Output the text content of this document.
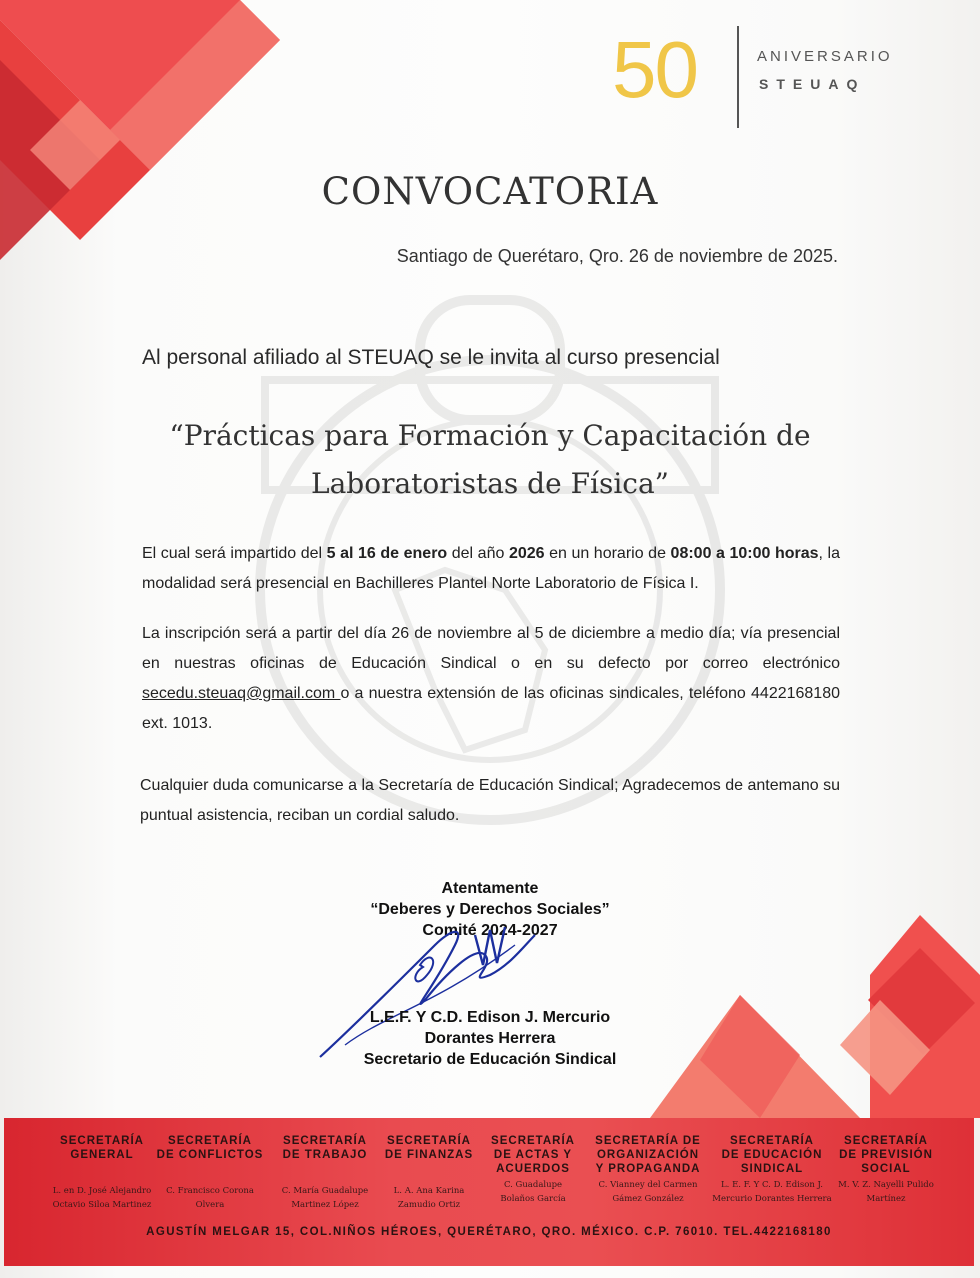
50	ANIVERSARIO
STEUAQ
CONVOCATORIA
Santiago de Querétaro, Qro. 26 de noviembre de 2025.
Al personal afiliado al STEUAQ se le invita al curso presencial
“Prácticas para Formación y Capacitación de
Laboratoristas de Física”
El cual será impartido del 5 al 16 de enero del año 2026 en un horario de 08:00 a 10:00 horas, la modalidad será presencial en Bachilleres Plantel Norte Laboratorio de Física I.
La inscripción será a partir del día 26 de noviembre al 5 de diciembre a medio día; vía presencial en nuestras oficinas de Educación Sindical o en su defecto por correo electrónico secedu.steuaq@gmail.com o a nuestra extensión de las oficinas sindicales, teléfono 4422168180 ext. 1013.
Cualquier duda comunicarse a la Secretaría de Educación Sindical; Agradecemos de antemano su puntual asistencia, reciban un cordial saludo.
Atentamente
“Deberes y Derechos Sociales”
Comité 2024-2027
L.E.F. Y C.D. Edison J. Mercurio
Dorantes Herrera
Secretario de Educación Sindical
SECRETARÍA
GENERAL
L. en D. José Alejandro
Octavio Siloa Martinez
SECRETARÍA
DE CONFLICTOS
C. Francisco Corona
Olvera
SECRETARÍA
DE TRABAJO
C. María Guadalupe
Martinez López
SECRETARÍA
DE FINANZAS
L. A. Ana Karina
Zamudio Ortiz
SECRETARÍA
DE ACTAS Y
ACUERDOS
C. Guadalupe
Bolaños García
SECRETARÍA DE
ORGANIZACIÓN
Y PROPAGANDA
C. Vianney del Carmen
Gámez González
SECRETARÍA
DE EDUCACIÓN
SINDICAL
L. E. F. Y C. D. Edison J.
Mercurio Dorantes Herrera
SECRETARÍA
DE PREVISIÓN
SOCIAL
M. V. Z. Nayelli Pulido
Martínez
AGUSTÍN MELGAR 15, COL.NIÑOS HÉROES, QUERÉTARO, QRO. MÉXICO. C.P. 76010. TEL.4422168180
